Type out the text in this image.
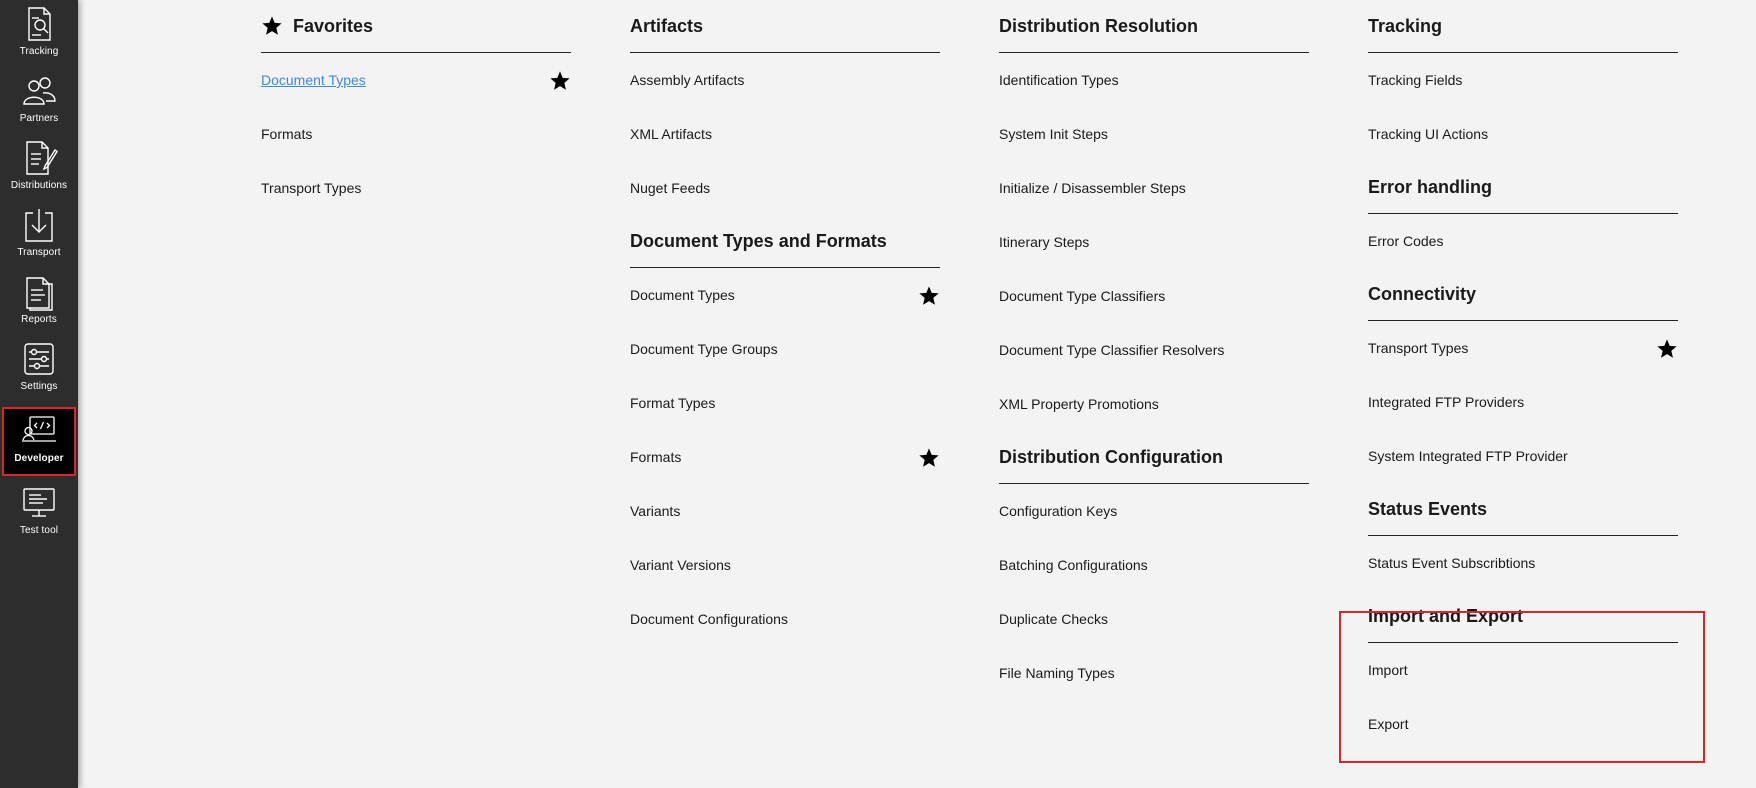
Tracking
Partners
Distributions
Transport
Reports
Settings
Developer
Test tool
Favorites
Document Types
Formats
Transport Types
Artifacts
Assembly Artifacts
XML Artifacts
Nuget Feeds
Document Types and Formats
Document Types
Document Type Groups
Format Types
Formats
Variants
Variant Versions
Document Configurations
Distribution Resolution
Identification Types
System Init Steps
Initialize / Disassembler Steps
Itinerary Steps
Document Type Classifiers
Document Type Classifier Resolvers
XML Property Promotions
Distribution Configuration
Configuration Keys
Batching Configurations
Duplicate Checks
File Naming Types
Tracking
Tracking Fields
Tracking UI Actions
Error handling
Error Codes
Connectivity
Transport Types
Integrated FTP Providers
System Integrated FTP Provider
Status Events
Status Event Subscribtions
Import and Export
Import
Export
